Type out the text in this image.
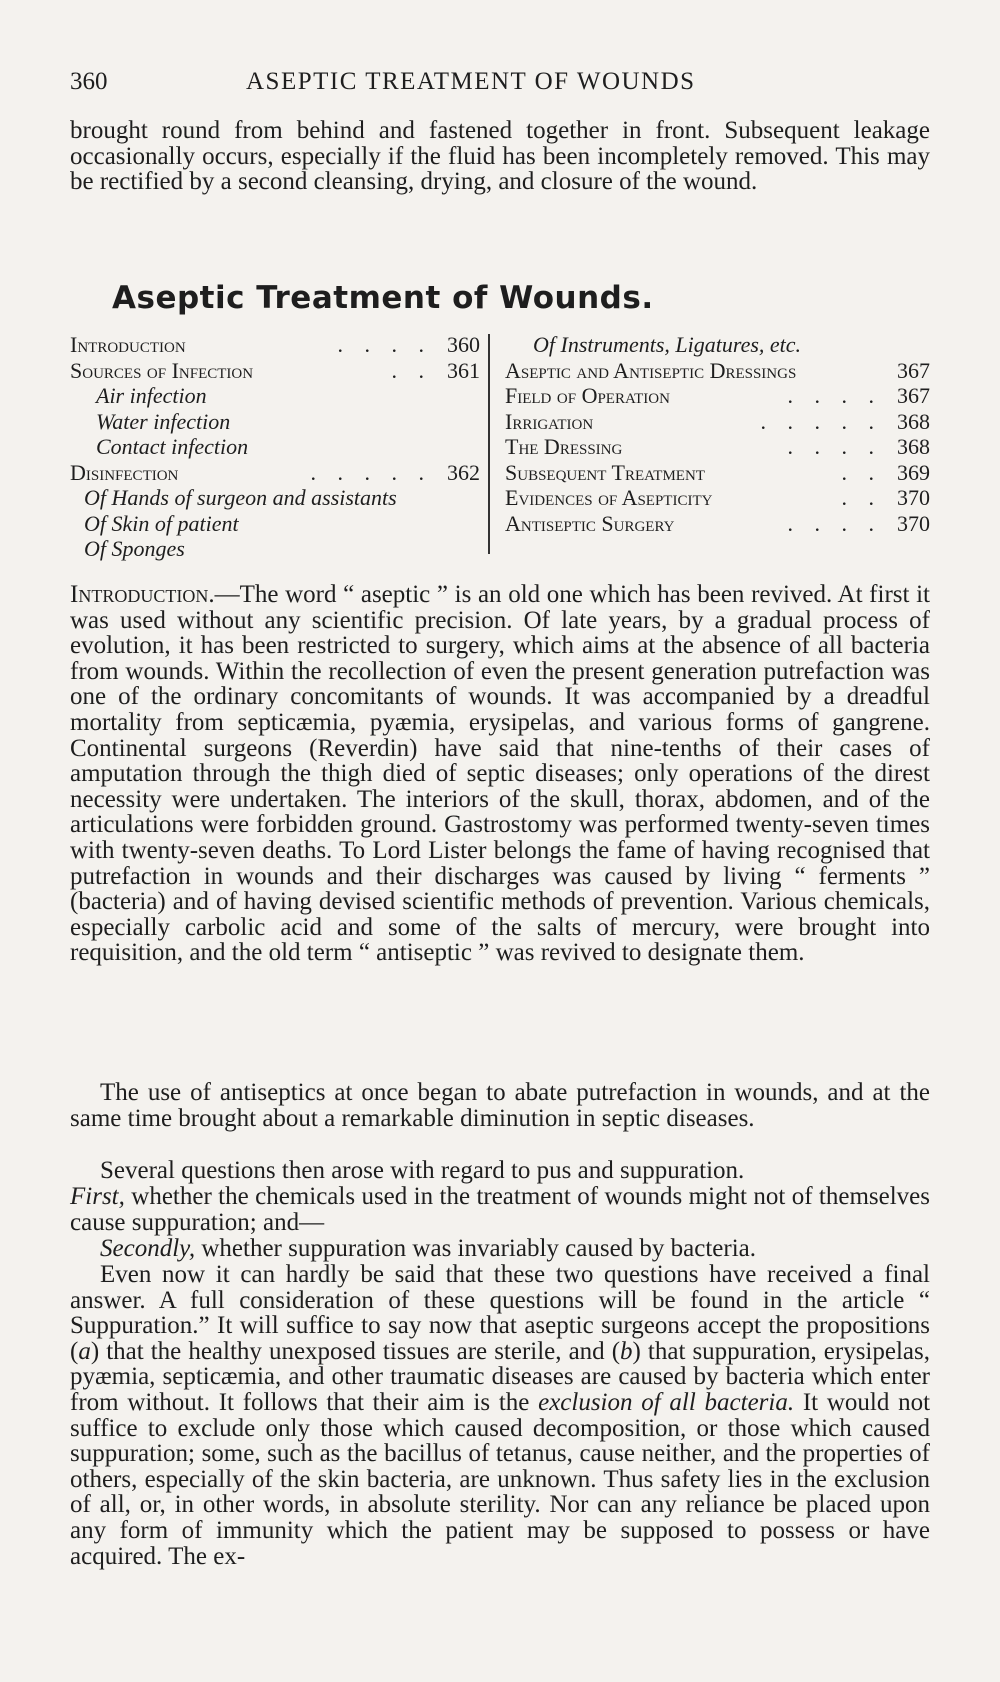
360	ASEPTIC TREATMENT OF WOUNDS
brought round from behind and fastened together in front. Subsequent leakage occasionally occurs, especially if the fluid has been incompletely removed. This may be rectified by a second cleansing, drying, and closure of the wound.
Aseptic Treatment of Wounds.
Introduction	360
. . . .
Sources of Infection	361
. .
Air infection
Water infection
Contact infection
Disinfection	362
. . . . .
Of Hands of surgeon and assistants
Of Skin of patient
Of Sponges
Of Instruments, Ligatures, etc.
Aseptic and Antiseptic Dressings	367
Field of Operation	367
. . . .
Irrigation	368
. . . . .
The Dressing	368
. . . .
Subsequent Treatment	369
. .
Evidences of Asepticity	370
. .
Antiseptic Surgery	370
. . . .
Introduction.—The word “ aseptic ” is an old one which has been revived. At first it was used without any scientific precision. Of late years, by a gradual process of evolution, it has been restricted to surgery, which aims at the absence of all bacteria from wounds. Within the recollection of even the present generation putrefaction was one of the ordinary concomitants of wounds. It was accompanied by a dreadful mortality from septicæmia, pyæmia, erysipelas, and various forms of gangrene. Continental surgeons (Reverdin) have said that nine-tenths of their cases of amputation through the thigh died of septic diseases; only operations of the direst necessity were undertaken. The interiors of the skull, thorax, abdomen, and of the articulations were forbidden ground. Gastrostomy was performed twenty-seven times with twenty-seven deaths. To Lord Lister belongs the fame of having recognised that putrefaction in wounds and their discharges was caused by living “ ferments ” (bacteria) and of having devised scientific methods of prevention. Various chemicals, especially carbolic acid and some of the salts of mercury, were brought into requisition, and the old term “ antiseptic ” was revived to designate them.
The use of antiseptics at once began to abate putrefaction in wounds, and at the same time brought about a remarkable diminution in septic diseases.
Several questions then arose with regard to pus and suppuration.
First, whether the chemicals used in the treatment of wounds might not of themselves cause suppuration; and—
Secondly, whether suppuration was invariably caused by bacteria.
Even now it can hardly be said that these two questions have received a final answer. A full consideration of these questions will be found in the article “ Suppuration.” It will suffice to say now that aseptic surgeons accept the propositions (a) that the healthy unexposed tissues are sterile, and (b) that suppuration, erysipelas, pyæmia, septicæmia, and other traumatic diseases are caused by bacteria which enter from without. It follows that their aim is the exclusion of all bacteria. It would not suffice to exclude only those which caused decomposition, or those which caused suppuration; some, such as the bacillus of tetanus, cause neither, and the properties of others, especially of the skin bacteria, are unknown. Thus safety lies in the exclusion of all, or, in other words, in absolute sterility. Nor can any reliance be placed upon any form of immunity which the patient may be supposed to possess or have acquired. The ex-
